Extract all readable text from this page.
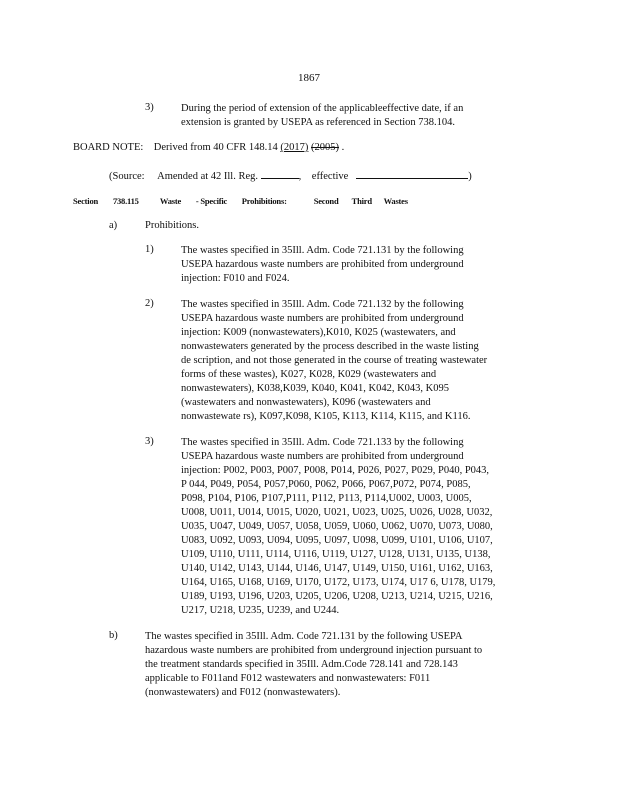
1867
3)	During the period of extension of the applicableeffective date, if an
extension is granted by USEPA as referenced in Section 738.104.
BOARD NOTE: Derived from 40 CFR 148.14 (2017) (2005) .
(Source: Amended at 42 Ill. Reg.	,    effective	)
Section 738.115 Waste - Specific Prohibitions:	Second Third Wastes
a)	Prohibitions.
1)	The wastes specified in 35Ill. Adm. Code 721.131 by the following
USEPA hazardous waste numbers are prohibited from underground
injection: F010 and F024.
2)	The wastes specified in 35Ill. Adm. Code 721.132 by the following
USEPA hazardous waste numbers are prohibited from underground
injection: K009 (nonwastewaters),K010, K025 (wastewaters, and
nonwastewaters generated by the process described in the waste listing
de scription, and not those generated in the course of treating wastewater
forms of these wastes), K027, K028, K029 (wastewaters and
nonwastewaters), K038,K039, K040, K041, K042, K043, K095
(wastewaters and nonwastewaters), K096 (wastewaters and
nonwastewate rs), K097,K098, K105, K113, K114, K115, and K116.
3)	The wastes specified in 35Ill. Adm. Code 721.133 by the following
USEPA hazardous waste numbers are prohibited from underground
injection: P002, P003, P007, P008, P014, P026, P027, P029, P040, P043,
P 044, P049, P054, P057,P060, P062, P066, P067,P072, P074, P085,
P098, P104, P106, P107,P111, P112, P113, P114,U002, U003, U005,
U008, U011, U014, U015, U020, U021, U023, U025, U026, U028, U032,
U035, U047, U049, U057, U058, U059, U060, U062, U070, U073, U080,
U083, U092, U093, U094, U095, U097, U098, U099, U101, U106, U107,
U109, U110, U111, U114, U116, U119, U127, U128, U131, U135, U138,
U140, U142, U143, U144, U146, U147, U149, U150, U161, U162, U163,
U164, U165, U168, U169, U170, U172, U173, U174, U17 6, U178, U179,
U189, U193, U196, U203, U205, U206, U208, U213, U214, U215, U216,
U217, U218, U235, U239, and U244.
b)	The wastes specified in 35Ill. Adm. Code 721.131 by the following USEPA
hazardous waste numbers are prohibited from underground injection pursuant to
the treatment standards specified in 35Ill. Adm.Code 728.141 and 728.143
applicable to F011and F012 wastewaters and nonwastewaters: F011
(nonwastewaters) and F012 (nonwastewaters).
